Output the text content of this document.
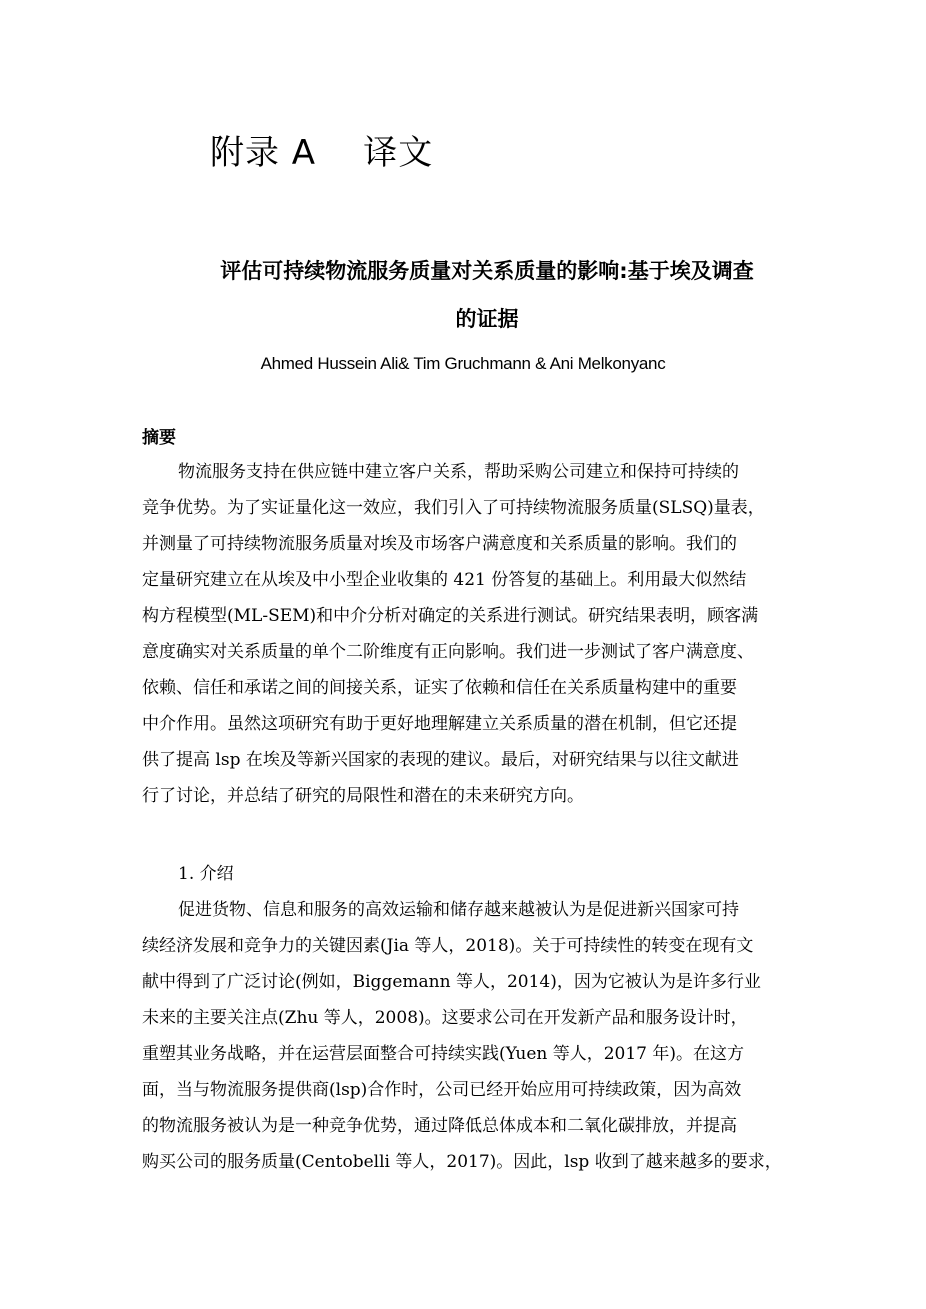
附录 A    译文
评估可持续物流服务质量对关系质量的影响:基于埃及调查
的证据
Ahmed Hussein Ali& Tim Gruchmann & Ani Melkonyanc
摘要
物流服务支持在供应链中建立客户关系，帮助采购公司建立和保持可持续的
竞争优势。为了实证量化这一效应，我们引入了可持续物流服务质量(SLSQ)量表，
并测量了可持续物流服务质量对埃及市场客户满意度和关系质量的影响。我们的
定量研究建立在从埃及中小型企业收集的 421 份答复的基础上。利用最大似然结
构方程模型(ML-SEM)和中介分析对确定的关系进行测试。研究结果表明，顾客满
意度确实对关系质量的单个二阶维度有正向影响。我们进一步测试了客户满意度、
依赖、信任和承诺之间的间接关系，证实了依赖和信任在关系质量构建中的重要
中介作用。虽然这项研究有助于更好地理解建立关系质量的潜在机制，但它还提
供了提高 lsp 在埃及等新兴国家的表现的建议。最后，对研究结果与以往文献进
行了讨论，并总结了研究的局限性和潜在的未来研究方向。
1. 介绍
促进货物、信息和服务的高效运输和储存越来越被认为是促进新兴国家可持
续经济发展和竞争力的关键因素(Jia 等人，2018)。关于可持续性的转变在现有文
献中得到了广泛讨论(例如，Biggemann 等人，2014)，因为它被认为是许多行业
未来的主要关注点(Zhu 等人，2008)。这要求公司在开发新产品和服务设计时，
重塑其业务战略，并在运营层面整合可持续实践(Yuen 等人，2017 年)。在这方
面，当与物流服务提供商(lsp)合作时，公司已经开始应用可持续政策，因为高效
的物流服务被认为是一种竞争优势，通过降低总体成本和二氧化碳排放，并提高
购买公司的服务质量(Centobelli 等人，2017)。因此，lsp 收到了越来越多的要求，
